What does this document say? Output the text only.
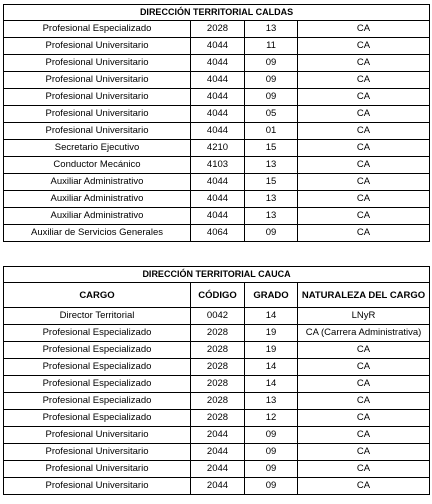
DIRECCIÓN TERRITORIAL CALDAS			
Profesional Especializado	2028	13	CA
Profesional Universitario	4044	11	CA
Profesional Universitario	4044	09	CA
Profesional Universitario	4044	09	CA
Profesional Universitario	4044	09	CA
Profesional Universitario	4044	05	CA
Profesional Universitario	4044	01	CA
Secretario Ejecutivo	4210	15	CA
Conductor Mecánico	4103	13	CA
Auxiliar Administrativo	4044	15	CA
Auxiliar Administrativo	4044	13	CA
Auxiliar Administrativo	4044	13	CA
Auxiliar de Servicios Generales	4064	09	CA
DIRECCIÓN TERRITORIAL CAUCA			
CARGO	CÓDIGO	GRADO	NATURALEZA DEL CARGO
Director Territorial	0042	14	LNyR
Profesional Especializado	2028	19	CA (Carrera Administrativa)
Profesional Especializado	2028	19	CA
Profesional Especializado	2028	14	CA
Profesional Especializado	2028	14	CA
Profesional Especializado	2028	13	CA
Profesional Especializado	2028	12	CA
Profesional Universitario	2044	09	CA
Profesional Universitario	2044	09	CA
Profesional Universitario	2044	09	CA
Profesional Universitario	2044	09	CA
